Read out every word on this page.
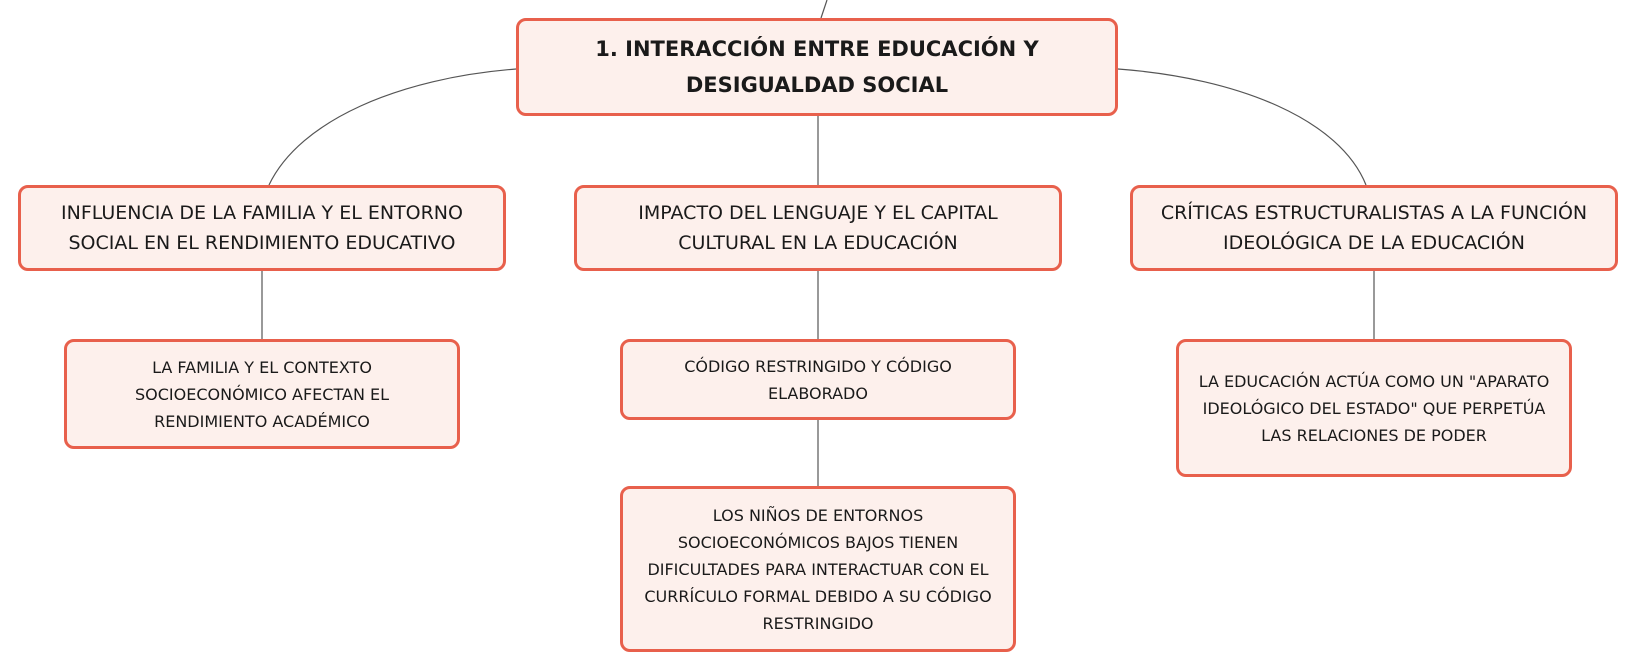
1. INTERACCIÓN ENTRE EDUCACIÓN Y DESIGUALDAD SOCIAL
INFLUENCIA DE LA FAMILIA Y EL ENTORNO SOCIAL EN EL RENDIMIENTO EDUCATIVO
IMPACTO DEL LENGUAJE Y EL CAPITAL CULTURAL EN LA EDUCACIÓN
CRÍTICAS ESTRUCTURALISTAS A LA FUNCIÓN IDEOLÓGICA DE LA EDUCACIÓN
LA FAMILIA Y EL CONTEXTO SOCIOECONÓMICO AFECTAN EL RENDIMIENTO ACADÉMICO
CÓDIGO RESTRINGIDO Y CÓDIGO ELABORADO
LOS NIÑOS DE ENTORNOS SOCIOECONÓMICOS BAJOS TIENEN DIFICULTADES PARA INTERACTUAR CON EL CURRÍCULO FORMAL DEBIDO A SU CÓDIGO RESTRINGIDO
LA EDUCACIÓN ACTÚA COMO UN "APARATO IDEOLÓGICO DEL ESTADO" QUE PERPETÚA LAS RELACIONES DE PODER
